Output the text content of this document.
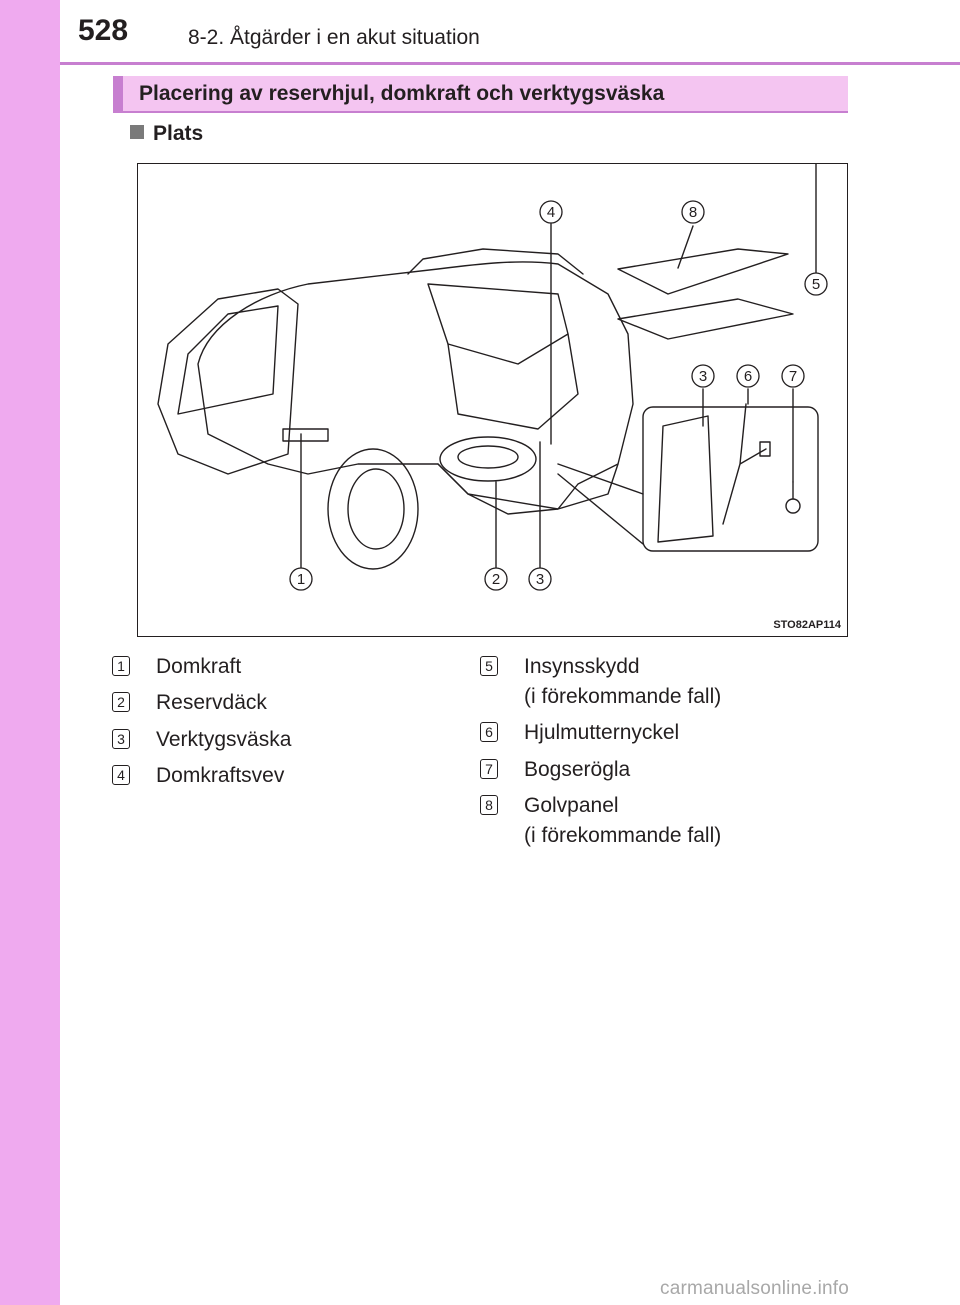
528	8-2. Åtgärder i en akut situation
Placering av reservhjul, domkraft och verktygsväska
Plats
1	2 3
4
5
6 7
3
8
STO82AP114
1 Domkraft
2 Reservdäck
3 Verktygsväska
4 Domkraftsvev
5 Insynsskydd
(i förekommande fall)
6 Hjulmutternyckel
7 Bogserögla
8 Golvpanel
(i förekommande fall)
carmanualsonline.info
